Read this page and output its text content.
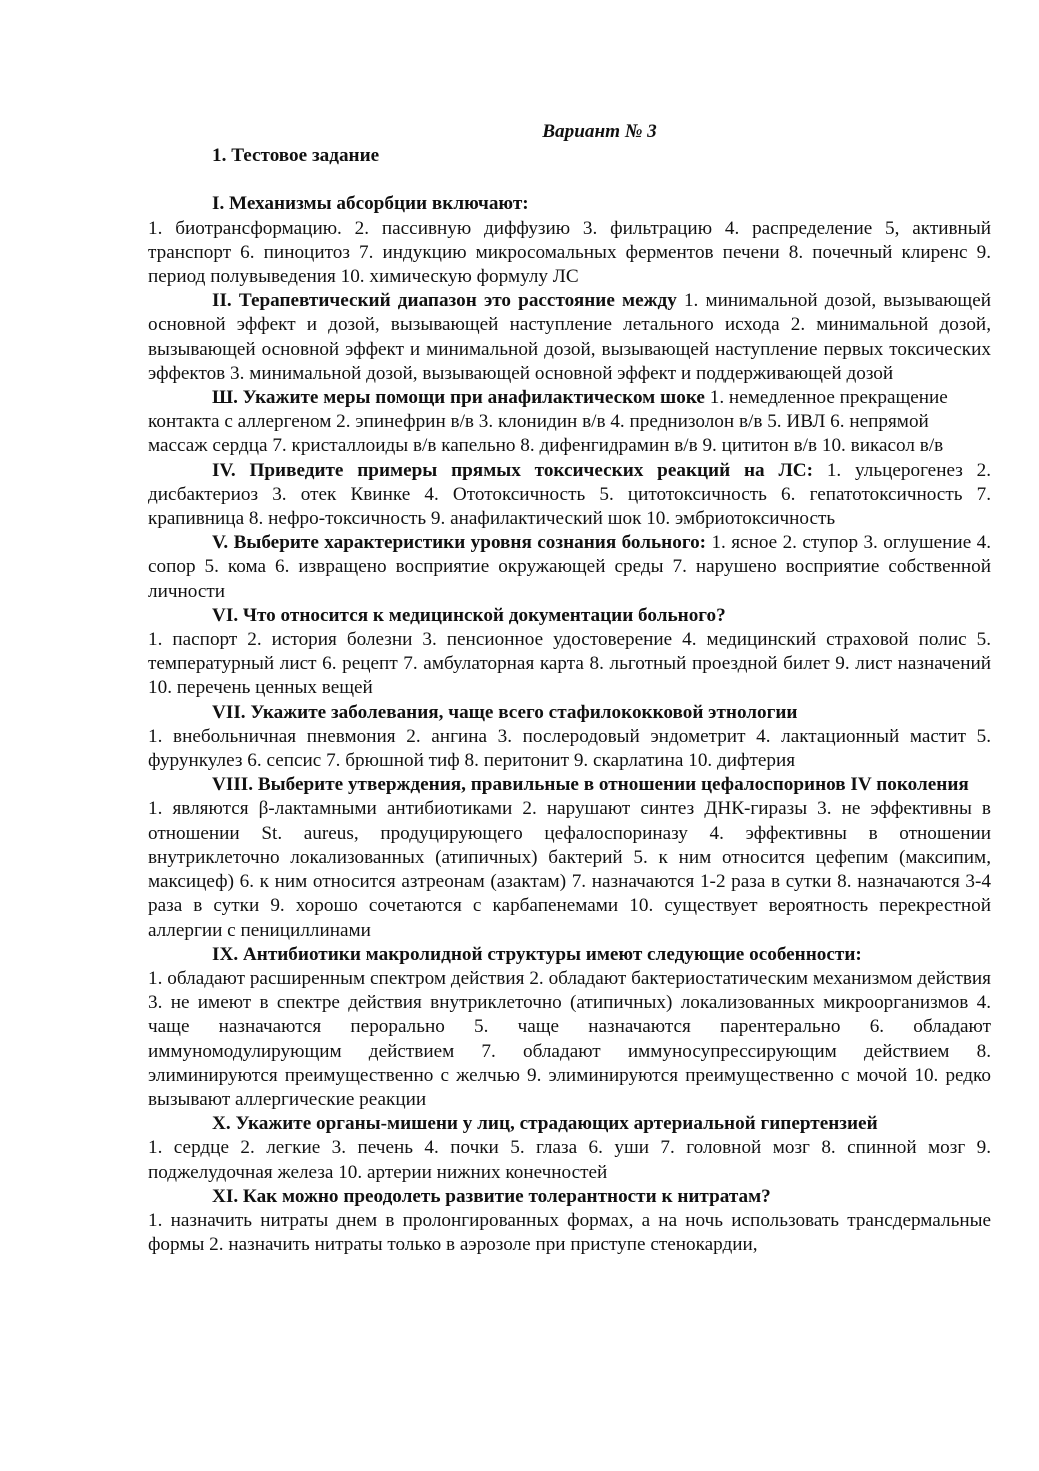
Вариант № 3

1. Тестовое задание

I. Механизмы абсорбции включают:
1. биотрансформацию. 2. пассивную диффузию 3. фильтрацию 4. распределение 5, активный транспорт 6. пиноцитоз 7. индукцию микросомальных ферментов печени 8. почечный клиренс 9. период полувыведения 10. химическую формулу ЛС

II. Терапевтический диапазон это расстояние между 1. минимальной дозой, вызывающей основной эффект и дозой, вызывающей наступление летального исхода 2. минимальной дозой, вызывающей основной эффект и минимальной дозой, вызывающей наступление первых токсических эффектов 3. минимальной дозой, вызывающей основной эффект и поддерживающей дозой

Ш. Укажите меры помощи при анафилактическом шоке 1. немедленное прекращение контакта с аллергеном 2. эпинефрин в/в 3. клонидин в/в 4. преднизолон в/в 5. ИВЛ 6. непрямой массаж сердца 7. кристаллоиды в/в капельно 8. дифенгидрамин в/в 9. цититон в/в 10. викасол в/в

IV. Приведите примеры прямых токсических реакций на ЛС: 1. ульцерогенез 2. дисбактериоз 3. отек Квинке 4. Ототоксичность 5. цитотоксичность 6. гепатотоксичность 7. крапивница 8. нефро-токсичность 9. анафилактический шок 10. эмбриотоксичность

V. Выберите характеристики уровня сознания больного: 1. ясное 2. ступор 3. оглушение 4. сопор 5. кома 6. извращено восприятие окружающей среды 7. нарушено восприятие собственной личности

VI. Что относится к медицинской документации больного?
1. паспорт 2. история болезни 3. пенсионное удостоверение 4. медицинский страховой полис 5. температурный лист 6. рецепт 7. амбулаторная карта 8. льготный проездной билет 9. лист назначений 10. перечень ценных вещей

VII. Укажите заболевания, чаще всего стафилококковой этнологии
1. внебольничная пневмония 2. ангина 3. послеродовый эндометрит 4. лактационный мастит 5. фурункулез 6. сепсис 7. брюшной тиф 8. перитонит 9. скарлатина 10. дифтерия

VIII. Выберите утверждения, правильные в отношении цефалоспоринов IV поколения
1. являются β-лактамными антибиотиками 2. нарушают синтез ДНК-гиразы 3. не эффективны в отношении St. aureus, продуцирующего цефалоспориназу 4. эффективны в отношении внутриклеточно локализованных (атипичных) бактерий 5. к ним относится цефепим (максипим, максицеф) 6. к ним относится азтреонам (азактам) 7. назначаются 1-2 раза в сутки 8. назначаются 3-4 раза в сутки 9. хорошо сочетаются с карбапенемами 10. существует вероятность перекрестной аллергии с пенициллинами

IX. Антибиотики макролидной структуры имеют следующие особенности:
1. обладают расширенным спектром действия 2. обладают бактериостатическим механизмом действия 3. не имеют в спектре действия внутриклеточно (атипичных) локализованных микроорганизмов 4. чаще назначаются перорально 5. чаще назначаются парентерально 6. обладают иммуномодулирующим действием 7. обладают иммуносупрессирующим действием 8. элиминируются преимущественно с желчью 9. элиминируются преимущественно с мочой 10. редко вызывают аллергические реакции

X. Укажите органы-мишени у лиц, страдающих артериальной гипертензией
1. сердце 2. легкие 3. печень 4. почки 5. глаза 6. уши 7. головной мозг 8. спинной мозг 9. поджелудочная железа 10. артерии нижних конечностей

XI. Как можно преодолеть развитие толерантности к нитратам?
1. назначить нитраты днем в пролонгированных формах, а на ночь использовать трансдермальные формы 2. назначить нитраты только в аэрозоле при приступе стенокардии,
